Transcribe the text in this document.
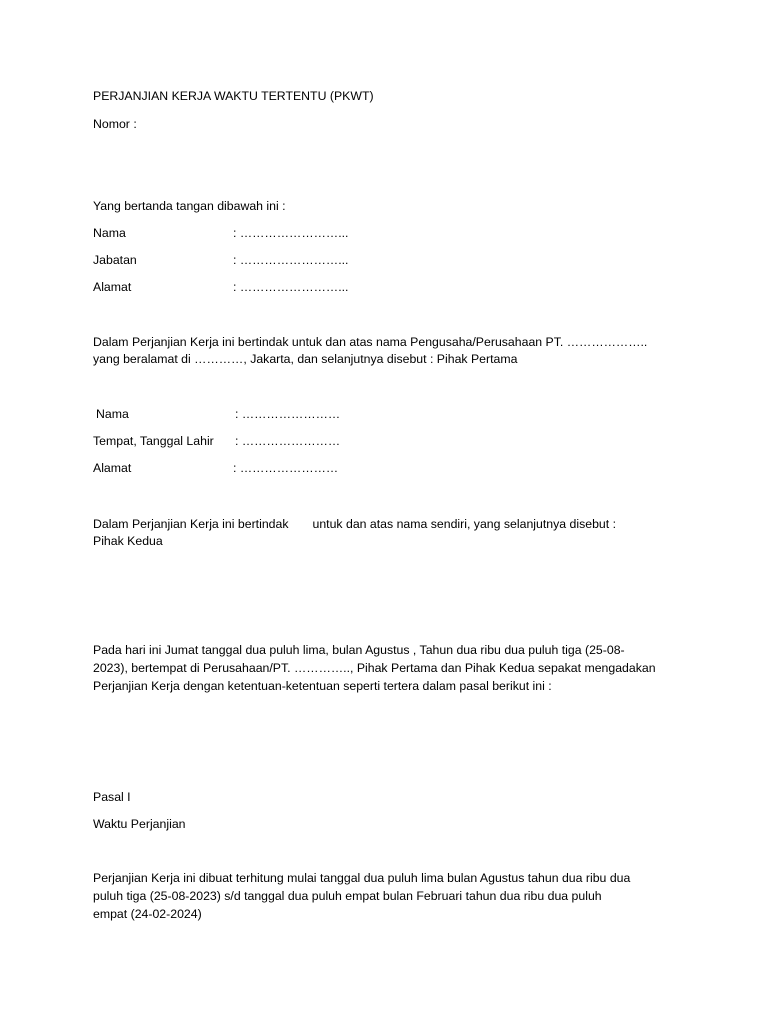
PERJANJIAN KERJA WAKTU TERTENTU (PKWT)
Nomor :
Yang bertanda tangan dibawah ini :
Nama	: ……………………...
Jabatan	: ……………………...
Alamat	: ……………………...
Dalam Perjanjian Kerja ini bertindak untuk dan atas nama Pengusaha/Perusahaan PT. ………………..
yang beralamat di …………, Jakarta, dan selanjutnya disebut : Pihak Pertama
Nama	: ……………………
Tempat, Tanggal Lahir : ……………………
Alamat	: ……………………
Dalam Perjanjian Kerja ini bertindak untuk dan atas nama sendiri, yang selanjutnya disebut :
Pihak Kedua
Pada hari ini Jumat tanggal dua puluh lima, bulan Agustus , Tahun dua ribu dua puluh tiga (25-08-
2023), bertempat di Perusahaan/PT. ………….., Pihak Pertama dan Pihak Kedua sepakat mengadakan
Perjanjian Kerja dengan ketentuan-ketentuan seperti tertera dalam pasal berikut ini :
Pasal I
Waktu Perjanjian
Perjanjian Kerja ini dibuat terhitung mulai tanggal dua puluh lima bulan Agustus tahun dua ribu dua
puluh tiga (25-08-2023) s/d tanggal dua puluh empat bulan Februari tahun dua ribu dua puluh
empat (24-02-2024)
